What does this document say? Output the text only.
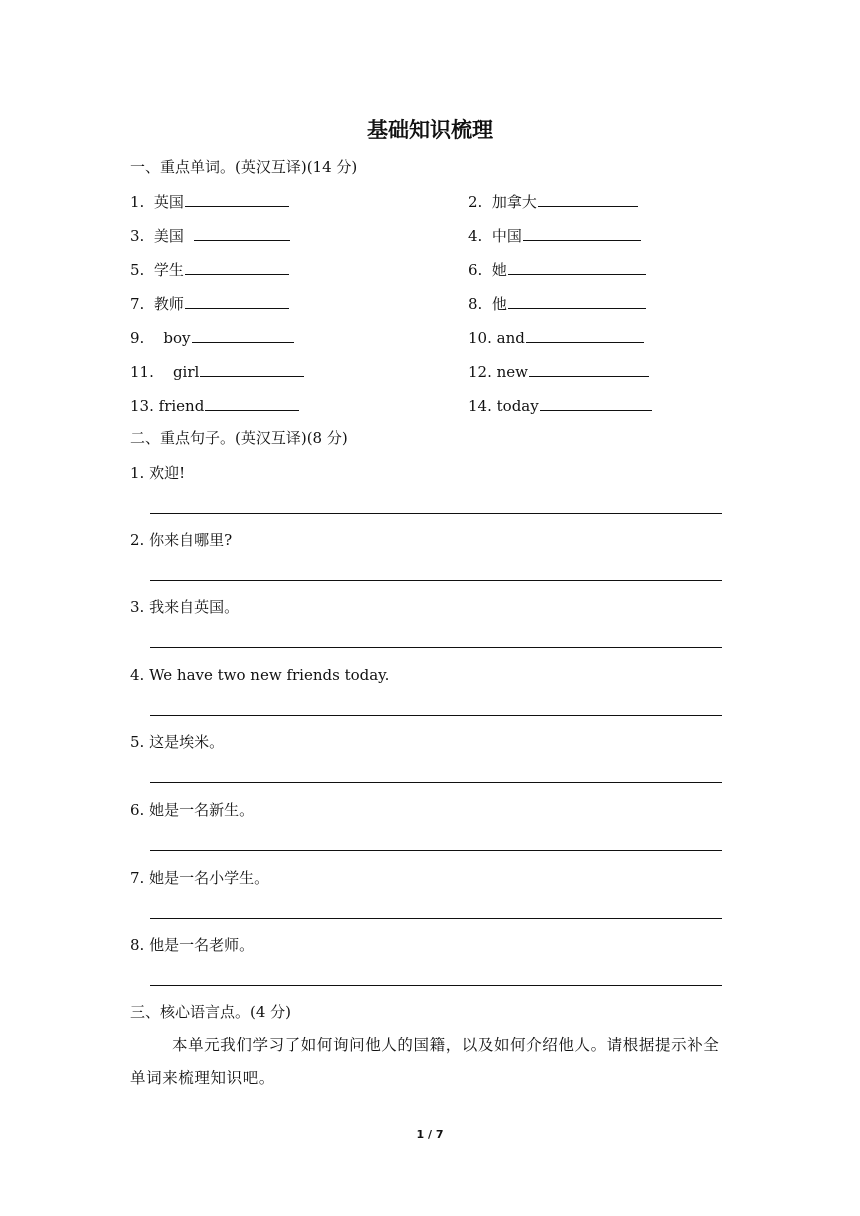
基础知识梳理
一、重点单词。(英汉互译)(14 分)
1. 英国	2. 加拿大
3. 美国	4. 中国
5. 学生	6. 她
7. 教师	8. 他
9. boy	10. and
11. girl	12. new
13. friend	14. today
二、重点句子。(英汉互译)(8 分)
1. 欢迎!
2. 你来自哪里?
3. 我来自英国。
4. We have two new friends today.
5. 这是埃米。
6. 她是一名新生。
7. 她是一名小学生。
8. 他是一名老师。
三、核心语言点。(4 分)
本单元我们学习了如何询问他人的国籍，以及如何介绍他人。请根据提示补全单词来梳理知识吧。
1 / 7
